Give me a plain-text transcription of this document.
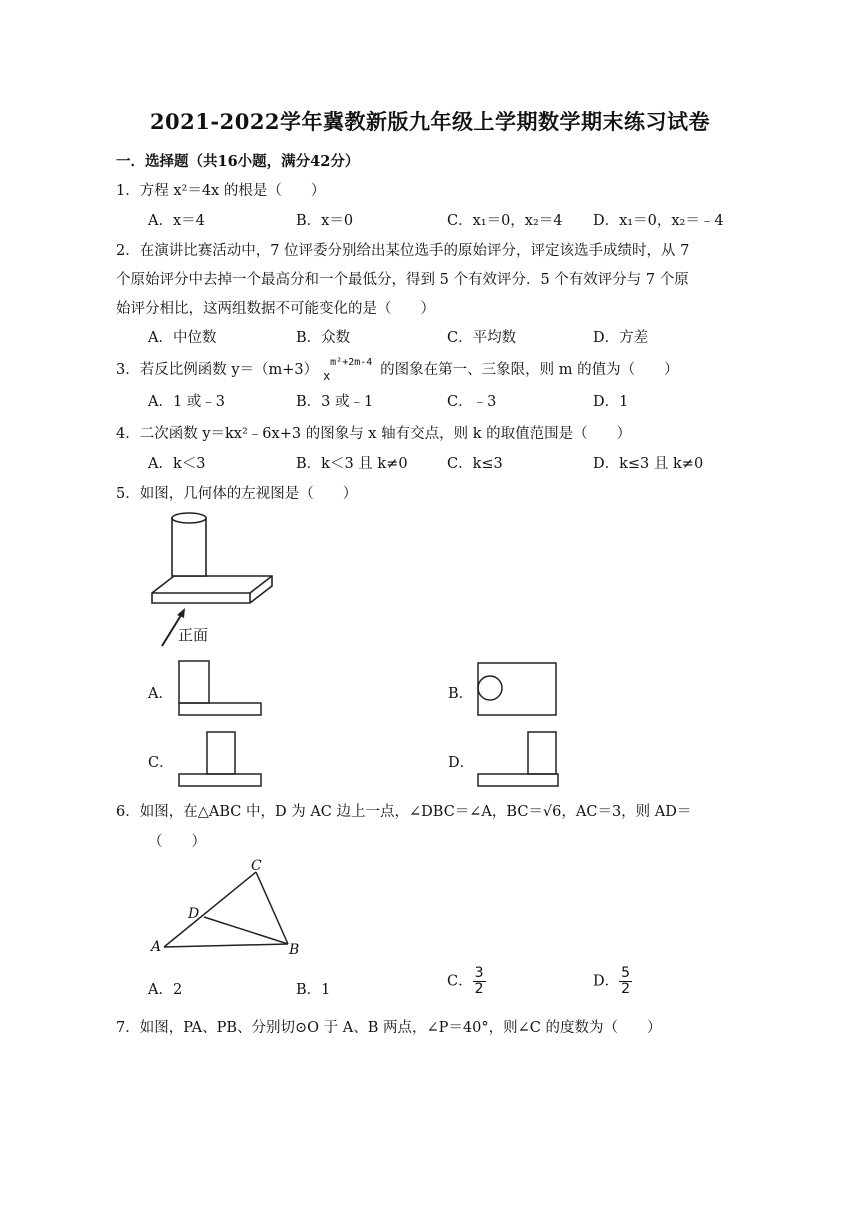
2021-2022学年冀教新版九年级上学期数学期末练习试卷
一．选择题（共16小题，满分42分）
1．方程 x²＝4x 的根是（　　）
A．x＝4	B．x＝0	C．x₁＝0，x₂＝4 D．x₁＝0，x₂＝﹣4
2．在演讲比赛活动中，7 位评委分别给出某位选手的原始评分，评定该选手成绩时，从 7
个原始评分中去掉一个最高分和一个最低分，得到 5 个有效评分．5 个有效评分与 7 个原
始评分相比，这两组数据不可能变化的是（　　）
A．中位数	B．众数	C．平均数	D．方差
3．若反比例函数 y＝（m+3） x
m²+2m-4 的图象在第一、三象限，则 m 的值为（　　）
A．1 或﹣3	B．3 或﹣1	C．﹣3	D．1
4．二次函数 y＝kx²﹣6x+3 的图象与 x 轴有交点，则 k 的取值范围是（　　）
A．k＜3	B．k＜3 且 k≠0	C．k≤3	D．k≤3 且 k≠0
5．如图，几何体的左视图是（　　）
正面
A．	B．
C．	D．
6．如图，在△ABC 中，D 为 AC 边上一点，∠DBC＝∠A，BC＝√6，AC＝3，则 AD＝
（　　）
C
D
A	B
A．2	B．1
C． $\frac{3}{2}$	D． $\frac{5}{2}$
7．如图，PA、PB、分别切⊙O 于 A、B 两点，∠P＝40°，则∠C 的度数为（　　）
